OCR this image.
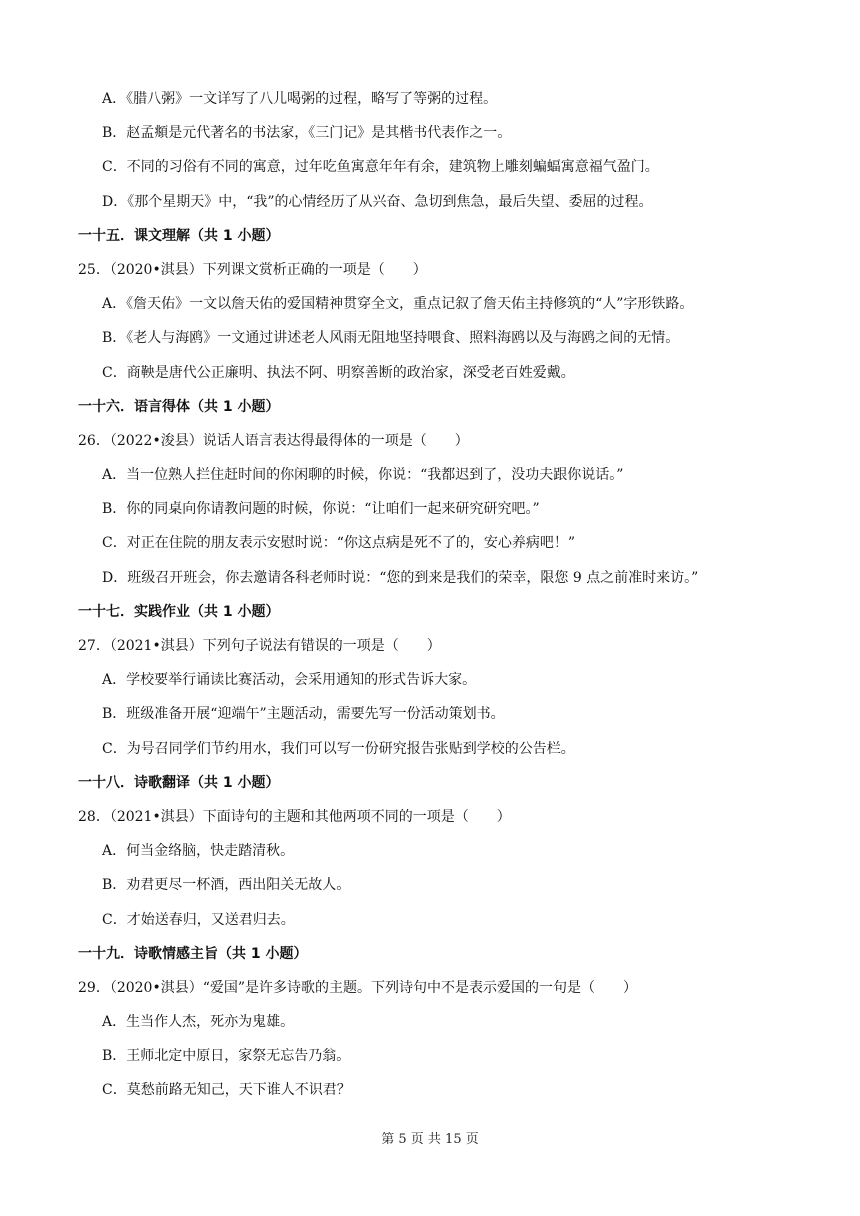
A．《腊八粥》一文详写了八儿喝粥的过程，略写了等粥的过程。
B．赵孟頫是元代著名的书法家，《三门记》是其楷书代表作之一。
C．不同的习俗有不同的寓意，过年吃鱼寓意年年有余，建筑物上雕刻蝙蝠寓意福气盈门。
D．《那个星期天》中，“我”的心情经历了从兴奋、急切到焦急，最后失望、委屈的过程。
一十五．课文理解（共 1 小题）
25．（2020•淇县）下列课文赏析正确的一项是（　　）
A．《詹天佑》一文以詹天佑的爱国精神贯穿全文，重点记叙了詹天佑主持修筑的“人”字形铁路。
B．《老人与海鸥》一文通过讲述老人风雨无阻地坚持喂食、照料海鸥以及与海鸥之间的无情。
C．商鞅是唐代公正廉明、执法不阿、明察善断的政治家，深受老百姓爱戴。
一十六．语言得体（共 1 小题）
26．（2022•浚县）说话人语言表达得最得体的一项是（　　）
A．当一位熟人拦住赶时间的你闲聊的时候，你说：“我都迟到了，没功夫跟你说话。”
B．你的同桌向你请教问题的时候，你说：“让咱们一起来研究研究吧。”
C．对正在住院的朋友表示安慰时说：“你这点病是死不了的，安心养病吧！”
D．班级召开班会，你去邀请各科老师时说：“您的到来是我们的荣幸，限您 9 点之前准时来访。”
一十七．实践作业（共 1 小题）
27．（2021•淇县）下列句子说法有错误的一项是（　　）
A．学校要举行诵读比赛活动，会采用通知的形式告诉大家。
B．班级准备开展“迎端午”主题活动，需要先写一份活动策划书。
C．为号召同学们节约用水，我们可以写一份研究报告张贴到学校的公告栏。
一十八．诗歌翻译（共 1 小题）
28．（2021•淇县）下面诗句的主题和其他两项不同的一项是（　　）
A．何当金络脑，快走踏清秋。
B．劝君更尽一杯酒，西出阳关无故人。
C．才始送春归，又送君归去。
一十九．诗歌情感主旨（共 1 小题）
29．（2020•淇县）“爱国”是许多诗歌的主题。下列诗句中不是表示爱国的一句是（　　）
A．生当作人杰，死亦为鬼雄。
B．王师北定中原日，家祭无忘告乃翁。
C．莫愁前路无知己，天下谁人不识君？
第 5 页 共 15 页
